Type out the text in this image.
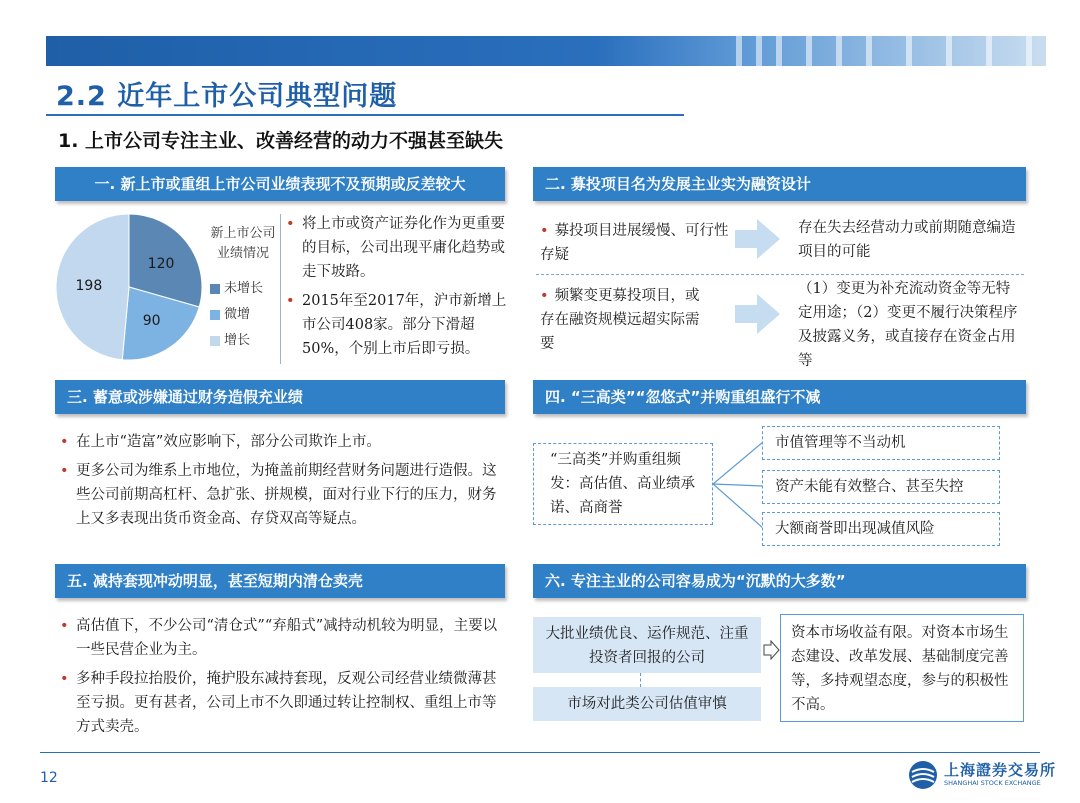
2.2 近年上市公司典型问题
1. 上市公司专注主业、改善经营的动力不强甚至缺失
一. 新上市或重组上市公司业绩表现不及预期或反差较大
120
90
198
新上市公司业绩情况
未增长
微增
增长
• 将上市或资产证券化作为更重要的目标，公司出现平庸化趋势或走下坡路。
• 2015年至2017年，沪市新增上市公司408家。部分下滑超50%，个别上市后即亏损。
二. 募投项目名为发展主业实为融资设计
• 募投项目进展缓慢、可行性存疑
存在失去经营动力或前期随意编造项目的可能
• 频繁变更募投项目，或存在融资规模远超实际需要
（1）变更为补充流动资金等无特定用途；（2）变更不履行决策程序及披露义务，或直接存在资金占用等
三. 蓄意或涉嫌通过财务造假充业绩
• 在上市“造富”效应影响下，部分公司欺诈上市。
• 更多公司为维系上市地位，为掩盖前期经营财务问题进行造假。这些公司前期高杠杆、急扩张、拼规模，面对行业下行的压力，财务上又多表现出货币资金高、存贷双高等疑点。
四. “三高类”“忽悠式”并购重组盛行不减
“三高类”并购重组频发：高估值、高业绩承诺、高商誉
市值管理等不当动机
资产未能有效整合、甚至失控
大额商誉即出现减值风险
五. 减持套现冲动明显，甚至短期内清仓卖壳
• 高估值下，不少公司“清仓式”“弃船式”减持动机较为明显，主要以一些民营企业为主。
• 多种手段拉抬股价，掩护股东减持套现，反观公司经营业绩微薄甚至亏损。更有甚者，公司上市不久即通过转让控制权、重组上市等方式卖壳。
六. 专注主业的公司容易成为“沉默的大多数”
大批业绩优良、运作规范、注重投资者回报的公司
市场对此类公司估值审慎
资本市场收益有限。对资本市场生态建设、改革发展、基础制度完善等，多持观望态度，参与的积极性不高。
12	上海證券交易所
SHANGHAI STOCK EXCHANGE
